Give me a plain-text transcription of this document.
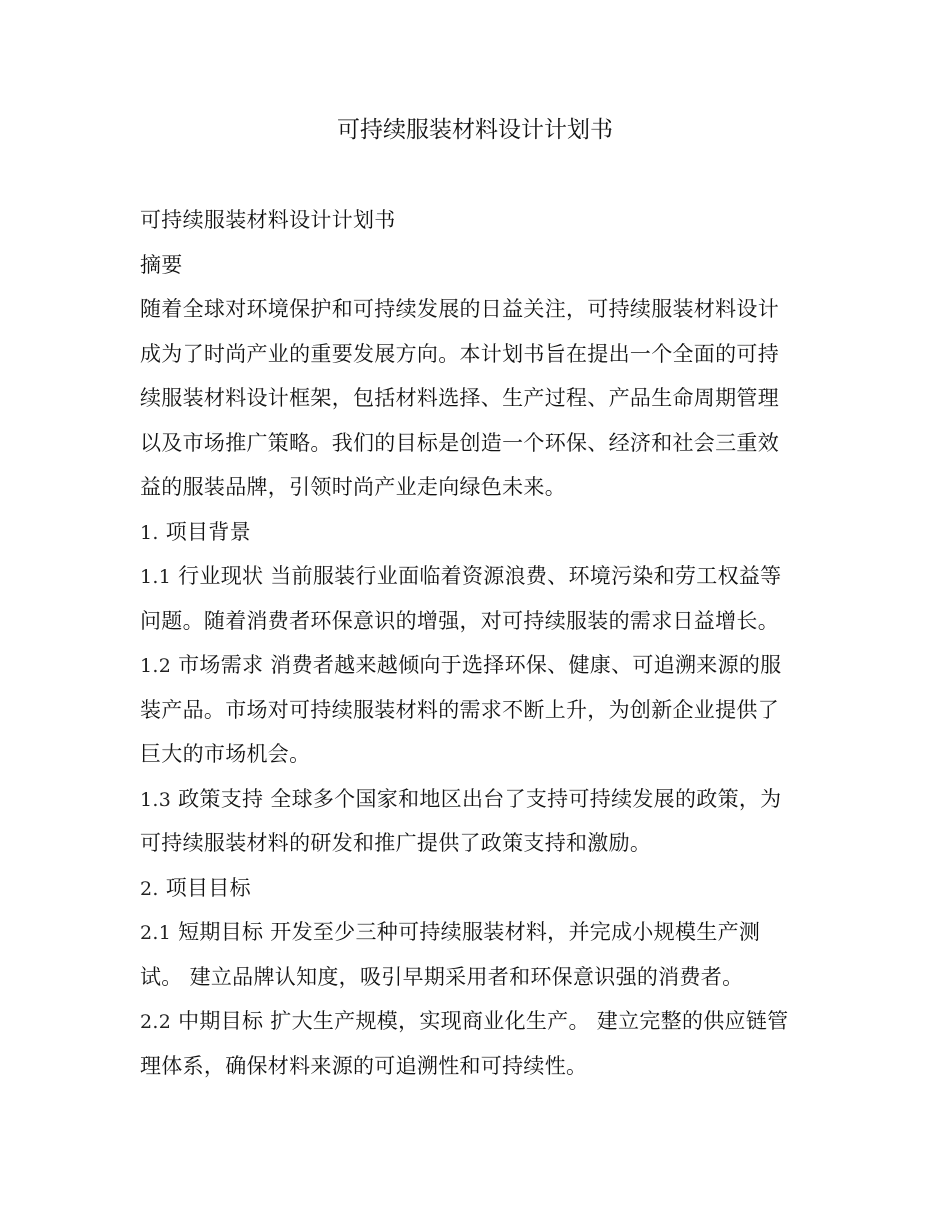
可持续服装材料设计计划书
可持续服装材料设计计划书
摘要
随着全球对环境保护和可持续发展的日益关注，可持续服装材料设计
成为了时尚产业的重要发展方向。本计划书旨在提出一个全面的可持
续服装材料设计框架，包括材料选择、生产过程、产品生命周期管理
以及市场推广策略。我们的目标是创造一个环保、经济和社会三重效
益的服装品牌，引领时尚产业走向绿色未来。
1. 项目背景
1.1 行业现状 当前服装行业面临着资源浪费、环境污染和劳工权益等
问题。随着消费者环保意识的增强，对可持续服装的需求日益增长。
1.2 市场需求 消费者越来越倾向于选择环保、健康、可追溯来源的服
装产品。市场对可持续服装材料的需求不断上升，为创新企业提供了
巨大的市场机会。
1.3 政策支持 全球多个国家和地区出台了支持可持续发展的政策，为
可持续服装材料的研发和推广提供了政策支持和激励。
2. 项目目标
2.1 短期目标 开发至少三种可持续服装材料，并完成小规模生产测
试。 建立品牌认知度，吸引早期采用者和环保意识强的消费者。
2.2 中期目标 扩大生产规模，实现商业化生产。 建立完整的供应链管
理体系，确保材料来源的可追溯性和可持续性。
